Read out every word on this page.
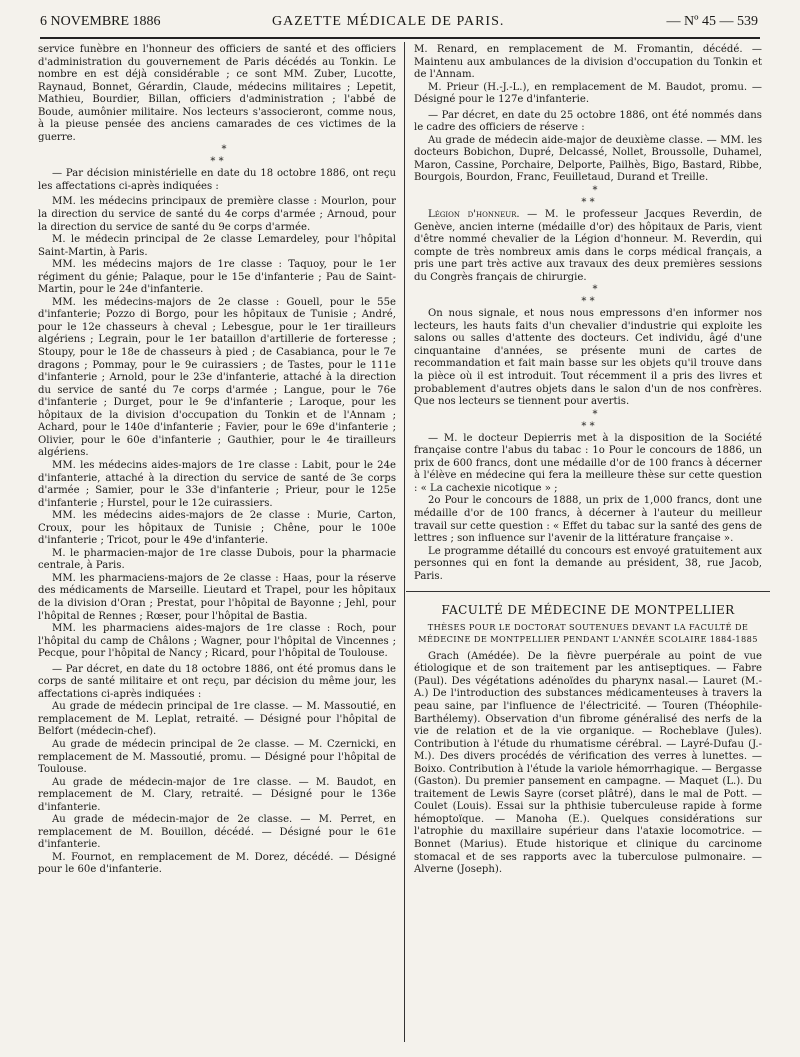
6 NOVEMBRE 1886	GAZETTE MÉDICALE DE PARIS.	— Nº 45 — 539

service funèbre en l'honneur des officiers de santé et des officiers d'administration du gouvernement de Paris décédés au Tonkin. Le nombre en est déjà considérable ; ce sont MM. Zuber, Lucotte, Raynaud, Bonnet, Gérardin, Claude, médecins militaires ; Lepetit, Mathieu, Bourdier, Billan, officiers d'administration ; l'abbé de Boude, aumônier militaire. Nos lecteurs s'associeront, comme nous, à la pieuse pensée des anciens camarades de ces victimes de la guerre.

*
* *

— Par décision ministérielle en date du 18 octobre 1886, ont reçu les affectations ci-après indiquées :

MM. les médecins principaux de première classe : Mourlon, pour la direction du service de santé du 4e corps d'armée ; Arnoud, pour la direction du service de santé du 9e corps d'armée.

M. le médecin principal de 2e classe Lemardeley, pour l'hôpital Saint-Martin, à Paris.

MM. les médecins majors de 1re classe : Taquoy, pour le 1er régiment du génie; Palaque, pour le 15e d'infanterie ; Pau de Saint-Martin, pour le 24e d'infanterie.

MM. les médecins-majors de 2e classe : Gouell, pour le 55e d'infanterie; Pozzo di Borgo, pour les hôpitaux de Tunisie ; André, pour le 12e chasseurs à cheval ; Lebesgue, pour le 1er tirailleurs algériens ; Legrain, pour le 1er bataillon d'artillerie de forteresse ; Stoupy, pour le 18e de chasseurs à pied ; de Casabianca, pour le 7e dragons ; Pommay, pour le 9e cuirassiers ; de Tastes, pour le 111e d'infanterie ; Arnold, pour le 23e d'infanterie, attaché à la direction du service de santé du 7e corps d'armée ; Langue, pour le 76e d'infanterie ; Durget, pour le 9e d'infanterie ; Laroque, pour les hôpitaux de la division d'occupation du Tonkin et de l'Annam ; Achard, pour le 140e d'infanterie ; Favier, pour le 69e d'infanterie ; Olivier, pour le 60e d'infanterie ; Gauthier, pour le 4e tirailleurs algériens.

MM. les médecins aides-majors de 1re classe : Labit, pour le 24e d'infanterie, attaché à la direction du service de santé de 3e corps d'armée ; Samier, pour le 33e d'infanterie ; Prieur, pour le 125e d'infanterie ; Hurstel, pour le 12e cuirassiers.

MM. les médecins aides-majors de 2e classe : Murie, Carton, Croux, pour les hôpitaux de Tunisie ; Chêne, pour le 100e d'infanterie ; Tricot, pour le 49e d'infanterie.

M. le pharmacien-major de 1re classe Dubois, pour la pharmacie centrale, à Paris.

MM. les pharmaciens-majors de 2e classe : Haas, pour la réserve des médicaments de Marseille. Lieutard et Trapel, pour les hôpitaux de la division d'Oran ; Prestat, pour l'hôpital de Bayonne ; Jehl, pour l'hôpital de Rennes ; Rœser, pour l'hôpital de Bastia.

MM. les pharmaciens aides-majors de 1re classe : Roch, pour l'hôpital du camp de Châlons ; Wagner, pour l'hôpital de Vincennes ; Pecque, pour l'hôpital de Nancy ; Ricard, pour l'hôpital de Toulouse.

— Par décret, en date du 18 octobre 1886, ont été promus dans le corps de santé militaire et ont reçu, par décision du même jour, les affectations ci-après indiquées :

Au grade de médecin principal de 1re classe. — M. Massoutié, en remplacement de M. Leplat, retraité. — Désigné pour l'hôpital de Belfort (médecin-chef).

Au grade de médecin principal de 2e classe. — M. Czernicki, en remplacement de M. Massoutié, promu. — Désigné pour l'hôpital de Toulouse.

Au grade de médecin-major de 1re classe. — M. Baudot, en remplacement de M. Clary, retraité. — Désigné pour le 136e d'infanterie.

Au grade de médecin-major de 2e classe. — M. Perret, en remplacement de M. Bouillon, décédé. — Désigné pour le 61e d'infanterie.

M. Fournot, en remplacement de M. Dorez, décédé. — Désigné pour le 60e d'infanterie.

M. Renard, en remplacement de M. Fromantin, décédé. — Maintenu aux ambulances de la division d'occupation du Tonkin et de l'Annam.

M. Prieur (H.-J.-L.), en remplacement de M. Baudot, promu. — Désigné pour le 127e d'infanterie.

— Par décret, en date du 25 octobre 1886, ont été nommés dans le cadre des officiers de réserve :

Au grade de médecin aide-major de deuxième classe. — MM. les docteurs Bobichon, Dupré, Delcassé, Nollet, Broussolle, Duhamel, Maron, Cassine, Porchaire, Delporte, Pailhès, Bigo, Bastard, Ribbe, Bourgois, Bourdon, Franc, Feuilletaud, Durand et Treille.

*
* *

Légion d'honneur. — M. le professeur Jacques Reverdin, de Genève, ancien interne (médaille d'or) des hôpitaux de Paris, vient d'être nommé chevalier de la Légion d'honneur. M. Reverdin, qui compte de très nombreux amis dans le corps médical français, a pris une part très active aux travaux des deux premières sessions du Congrès français de chirurgie.

*
* *

On nous signale, et nous nous empressons d'en informer nos lecteurs, les hauts faits d'un chevalier d'industrie qui exploite les salons ou salles d'attente des docteurs. Cet individu, âgé d'une cinquantaine d'années, se présente muni de cartes de recommandation et fait main basse sur les objets qu'il trouve dans la pièce où il est introduit. Tout récemment il a pris des livres et probablement d'autres objets dans le salon d'un de nos confrères. Que nos lecteurs se tiennent pour avertis.

*
* *

— M. le docteur Depierris met à la disposition de la Société française contre l'abus du tabac : 1o Pour le concours de 1886, un prix de 600 francs, dont une médaille d'or de 100 francs à décerner à l'élève en médecine qui fera la meilleure thèse sur cette question : « La cachexie nicotique » ;

2o Pour le concours de 1888, un prix de 1,000 francs, dont une médaille d'or de 100 francs, à décerner à l'auteur du meilleur travail sur cette question : « Effet du tabac sur la santé des gens de lettres ; son influence sur l'avenir de la littérature française ».

Le programme détaillé du concours est envoyé gratuitement aux personnes qui en font la demande au président, 38, rue Jacob, Paris.

FACULTÉ DE MÉDECINE DE MONTPELLIER
THÈSES POUR LE DOCTORAT SOUTENUES DEVANT LA FACULTÉ DE MÉDECINE DE MONTPELLIER PENDANT L'ANNÉE SCOLAIRE 1884-1885

Grach (Amédée). De la fièvre puerpérale au point de vue étiologique et de son traitement par les antiseptiques. — Fabre (Paul). Des végétations adénoïdes du pharynx nasal.— Lauret (M.-A.) De l'introduction des substances médicamenteuses à travers la peau saine, par l'influence de l'électricité. — Touren (Théophile-Barthélemy). Observation d'un fibrome généralisé des nerfs de la vie de relation et de la vie organique. — Rocheblave (Jules). Contribution à l'étude du rhumatisme cérébral. — Layré-Dufau (J.-M.). Des divers procédés de vérification des verres à lunettes. — Boixo. Contribution à l'étude la variole hémorrhagique. — Bergasse (Gaston). Du premier pansement en campagne. — Maquet (L.). Du traitement de Lewis Sayre (corset plâtré), dans le mal de Pott. — Coulet (Louis). Essai sur la phthisie tuberculeuse rapide à forme hémoptoïque. — Manoha (E.). Quelques considérations sur l'atrophie du maxillaire supérieur dans l'ataxie locomotrice. — Bonnet (Marius). Etude historique et clinique du carcinome stomacal et de ses rapports avec la tuberculose pulmonaire. — Alverne (Joseph).
